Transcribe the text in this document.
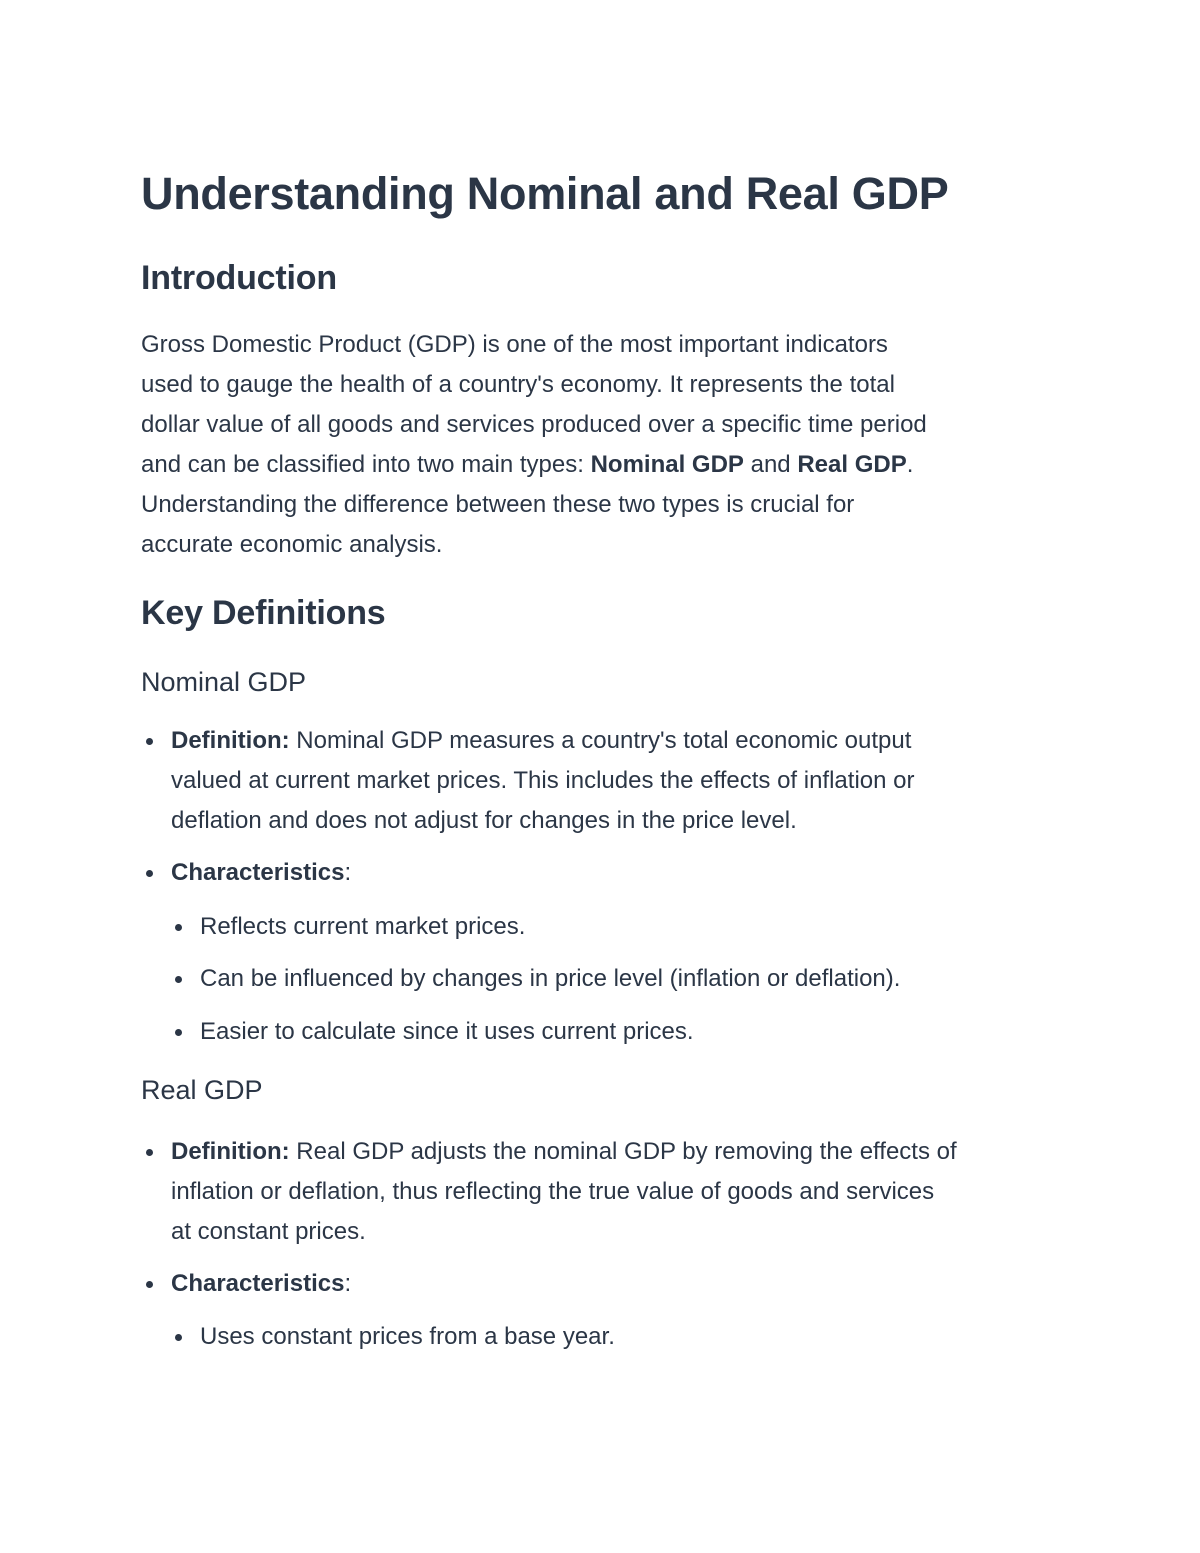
Understanding Nominal and Real GDP
Introduction
Gross Domestic Product (GDP) is one of the most important indicators
used to gauge the health of a country's economy. It represents the total
dollar value of all goods and services produced over a specific time period
and can be classified into two main types: Nominal GDP and Real GDP.
Understanding the difference between these two types is crucial for
accurate economic analysis.
Key Definitions
Nominal GDP
Definition: Nominal GDP measures a country's total economic output
valued at current market prices. This includes the effects of inflation or
deflation and does not adjust for changes in the price level.
Characteristics:
Reflects current market prices.
Can be influenced by changes in price level (inflation or deflation).
Easier to calculate since it uses current prices.
Real GDP
Definition: Real GDP adjusts the nominal GDP by removing the effects of
inflation or deflation, thus reflecting the true value of goods and services
at constant prices.
Characteristics:
Uses constant prices from a base year.
